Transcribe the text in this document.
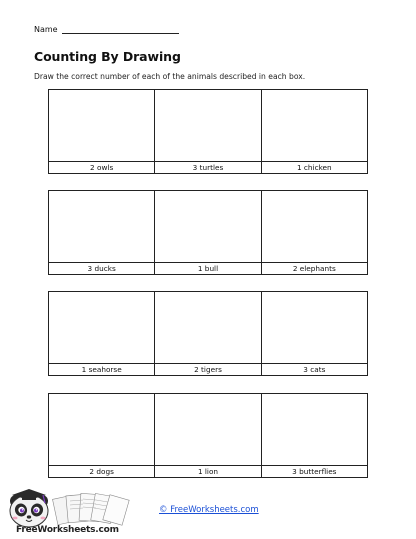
Name
Counting By Drawing
Draw the correct number of each of the animals described in each box.
2 owls	3 turtles	1 chicken
3 ducks	1 bull	2 elephants
1 seahorse	2 tigers	3 cats
2 dogs	1 lion	3 butterflies
FreeWorksheets.com
© FreeWorksheets.com
